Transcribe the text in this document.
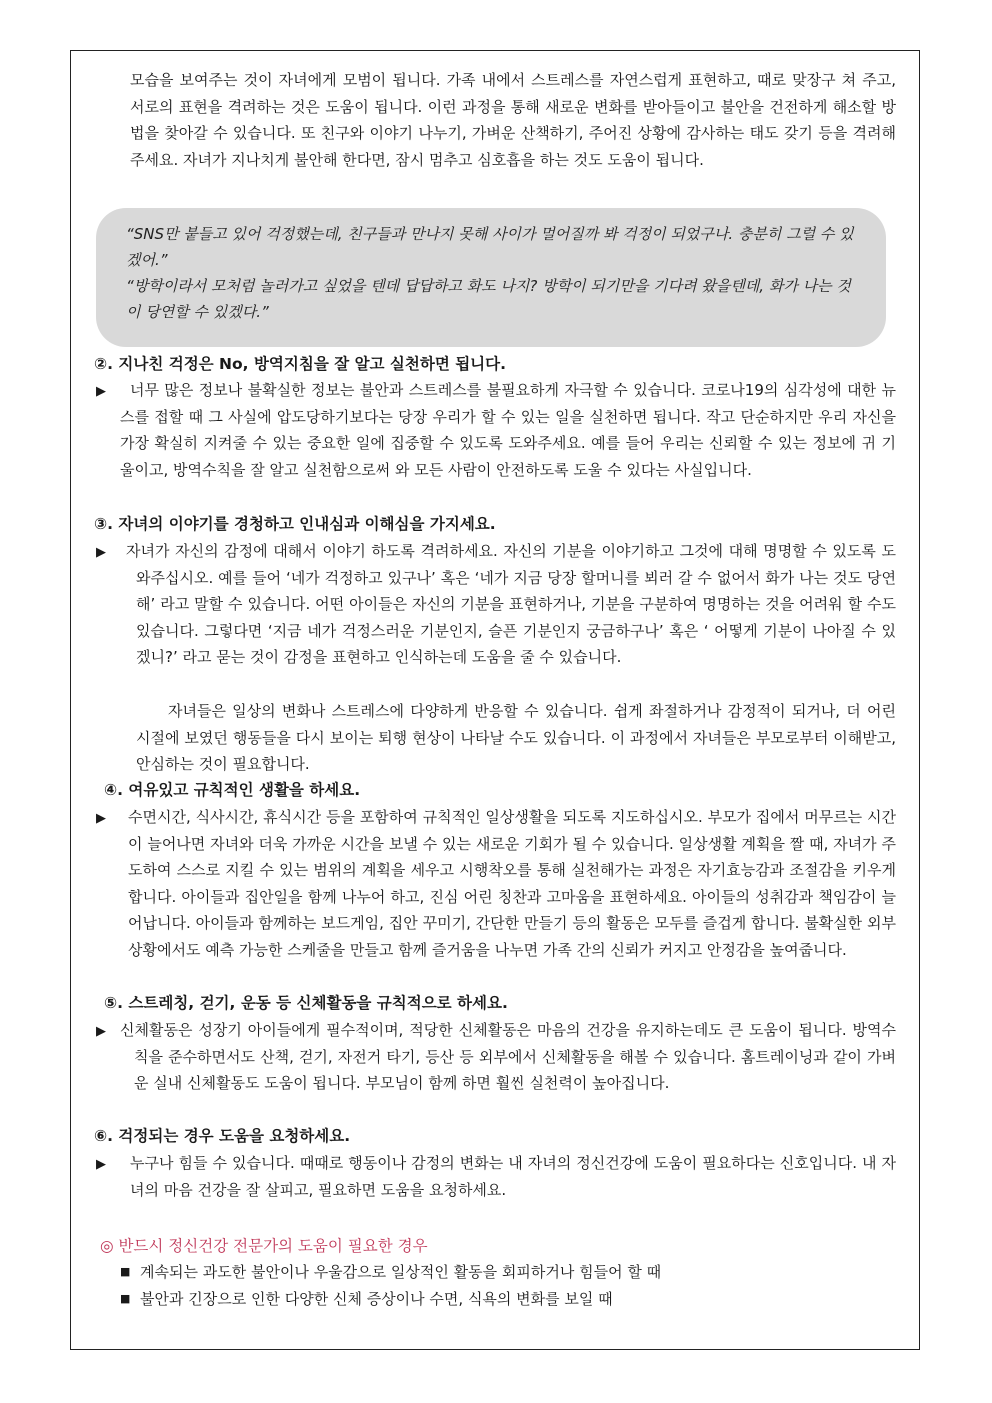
모습을 보여주는 것이 자녀에게 모범이 됩니다. 가족 내에서 스트레스를 자연스럽게 표현하고, 때로 맞장구 쳐 주고, 서로의 표현을 격려하는 것은 도움이 됩니다. 이런 과정을 통해 새로운 변화를 받아들이고 불안을 건전하게 해소할 방법을 찾아갈 수 있습니다. 또 친구와 이야기 나누기, 가벼운 산책하기, 주어진 상황에 감사하는 태도 갖기 등을 격려해 주세요. 자녀가 지나치게 불안해 한다면, 잠시 멈추고 심호흡을 하는 것도 도움이 됩니다.
“SNS만 붙들고 있어 걱정했는데, 친구들과 만나지 못해 사이가 멀어질까 봐 걱정이 되었구나. 충분히 그럴 수 있겠어.”
“방학이라서 모처럼 놀러가고 싶었을 텐데 답답하고 화도 나지? 방학이 되기만을 기다려 왔을텐데, 화가 나는 것이 당연할 수 있겠다.”
②. 지나친 걱정은 No, 방역지침을 잘 알고 실천하면 됩니다.
▶	너무 많은 정보나 불확실한 정보는 불안과 스트레스를 불필요하게 자극할 수 있습니다. 코로나19의 심각성에 대한 뉴스를 접할 때 그 사실에 압도당하기보다는 당장 우리가 할 수 있는 일을 실천하면 됩니다. 작고 단순하지만 우리 자신을 가장 확실히 지켜줄 수 있는 중요한 일에 집중할 수 있도록 도와주세요. 예를 들어 우리는 신뢰할 수 있는 정보에 귀 기울이고, 방역수칙을 잘 알고 실천함으로써 와 모든 사람이 안전하도록 도울 수 있다는 사실입니다.
③. 자녀의 이야기를 경청하고 인내심과 이해심을 가지세요.
▶ 자녀가 자신의 감정에 대해서 이야기 하도록 격려하세요. 자신의 기분을 이야기하고 그것에 대해 명명할 수 있도록 도와주십시오. 예를 들어 ‘네가 걱정하고 있구나’ 혹은 ‘네가 지금 당장 할머니를 뵈러 갈 수 없어서 화가 나는 것도 당연해’ 라고 말할 수 있습니다. 어떤 아이들은 자신의 기분을 표현하거나, 기분을 구분하여 명명하는 것을 어려워 할 수도 있습니다. 그렇다면 ‘지금 네가 걱정스러운 기분인지, 슬픈 기분인지 궁금하구나’ 혹은 ‘ 어떻게 기분이 나아질 수 있겠니?’ 라고 묻는 것이 감정을 표현하고 인식하는데 도움을 줄 수 있습니다.
자녀들은 일상의 변화나 스트레스에 다양하게 반응할 수 있습니다. 쉽게 좌절하거나 감정적이 되거나, 더 어린 시절에 보였던 행동들을 다시 보이는 퇴행 현상이 나타날 수도 있습니다. 이 과정에서 자녀들은 부모로부터 이해받고, 안심하는 것이 필요합니다.
④. 여유있고 규칙적인 생활을 하세요.
▶ 수면시간, 식사시간, 휴식시간 등을 포함하여 규칙적인 일상생활을 되도록 지도하십시오. 부모가 집에서 머무르는 시간이 늘어나면 자녀와 더욱 가까운 시간을 보낼 수 있는 새로운 기회가 될 수 있습니다. 일상생활 계획을 짤 때, 자녀가 주도하여 스스로 지킬 수 있는 범위의 계획을 세우고 시행착오를 통해 실천해가는 과정은 자기효능감과 조절감을 키우게 합니다. 아이들과 집안일을 함께 나누어 하고, 진심 어린 칭찬과 고마움을 표현하세요. 아이들의 성취감과 책임감이 늘어납니다. 아이들과 함께하는 보드게임, 집안 꾸미기, 간단한 만들기 등의 활동은 모두를 즐겁게 합니다. 불확실한 외부 상황에서도 예측 가능한 스케줄을 만들고 함께 즐거움을 나누면 가족 간의 신뢰가 커지고 안정감을 높여줍니다.
⑤. 스트레칭, 걷기, 운동 등 신체활동을 규칙적으로 하세요.
▶ 신체활동은 성장기 아이들에게 필수적이며, 적당한 신체활동은 마음의 건강을 유지하는데도 큰 도움이 됩니다. 방역수칙을 준수하면서도 산책, 걷기, 자전거 타기, 등산 등 외부에서 신체활동을 해볼 수 있습니다. 홈트레이닝과 같이 가벼운 실내 신체활동도 도움이 됩니다. 부모님이 함께 하면 훨씬 실천력이 높아집니다.
⑥. 걱정되는 경우 도움을 요청하세요.
▶ 누구나 힘들 수 있습니다. 때때로 행동이나 감정의 변화는 내 자녀의 정신건강에 도움이 필요하다는 신호입니다. 내 자녀의 마음 건강을 잘 살피고, 필요하면 도움을 요청하세요.
◎ 반드시 정신건강 전문가의 도움이 필요한 경우
■ 계속되는 과도한 불안이나 우울감으로 일상적인 활동을 회피하거나 힘들어 할 때
■ 불안과 긴장으로 인한 다양한 신체 증상이나 수면, 식욕의 변화를 보일 때
